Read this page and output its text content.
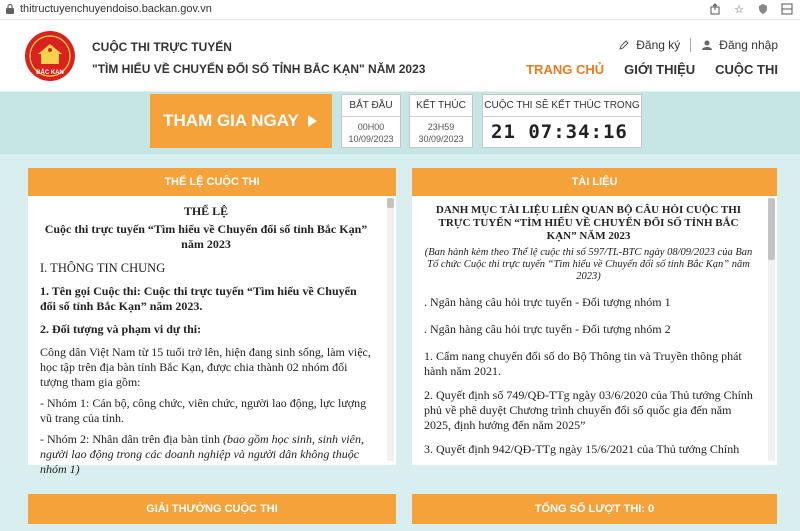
thitructuyenchuyendoiso.backan.gov.vn	☆
BẮC KẠN
CUỘC THI TRỰC TUYẾN
"TÌM HIỂU VỀ CHUYỂN ĐỔI SỐ TỈNH BẮC KẠN" NĂM 2023
Đăng ký	Đăng nhập
TRANG CHỦ GIỚI THIỆU CUỘC THI
THAM GIA NGAY
BẮT ĐẦU
00H00
10/09/2023
KẾT THÚC
23H59
30/09/2023
CUỘC THI SẼ KẾT THÚC TRONG
21 07:34:16
THỂ LỆ CUỘC THI
THỂ LỆ
Cuộc thi trực tuyến “Tìm hiểu về Chuyển đổi số tỉnh Bắc Kạn” năm 2023
I. THÔNG TIN CHUNG
1. Tên gọi Cuộc thi: Cuộc thi trực tuyến “Tìm hiểu về Chuyển đổi số tỉnh Bắc Kạn” năm 2023.
2. Đối tượng và phạm vi dự thi:
Công dân Việt Nam từ 15 tuổi trở lên, hiện đang sinh sống, làm việc, học tập trên địa bàn tỉnh Bắc Kạn, được chia thành 02 nhóm đối tượng tham gia gồm:
- Nhóm 1: Cán bộ, công chức, viên chức, người lao động, lực lượng vũ trang của tỉnh.
- Nhóm 2: Nhân dân trên địa bàn tỉnh (bao gồm học sinh, sinh viên, người lao động trong các doanh nghiệp và người dân không thuộc nhóm 1)
TÀI LIỆU
DANH MỤC TÀI LIỆU LIÊN QUAN BỘ CÂU HỎI CUỘC THI TRỰC TUYẾN “TÌM HIỂU VỀ CHUYỂN ĐỔI SỐ TỈNH BẮC KẠN” NĂM 2023
(Ban hành kèm theo Thể lệ cuộc thi số 597/TL-BTC ngày 08/09/2023 của Ban Tổ chức Cuộc thi trực tuyến “Tìm hiểu về Chuyển đổi số tỉnh Bắc Kạn” năm 2023)
. Ngân hàng câu hỏi trực tuyến - Đối tượng nhóm 1
. Ngân hàng câu hỏi trực tuyến - Đối tượng nhóm 2
1. Cẩm nang chuyển đổi số do Bộ Thông tin và Truyền thông phát hành năm 2021.
2. Quyết định số 749/QĐ-TTg ngày 03/6/2020 của Thủ tướng Chính phủ về phê duyệt Chương trình chuyển đổi số quốc gia đến năm 2025, định hướng đến năm 2025”
3. Quyết định 942/QĐ-TTg ngày 15/6/2021 của Thủ tướng Chính
GIẢI THƯỞNG CUỘC THI	TỔNG SỐ LƯỢT THI: 0
